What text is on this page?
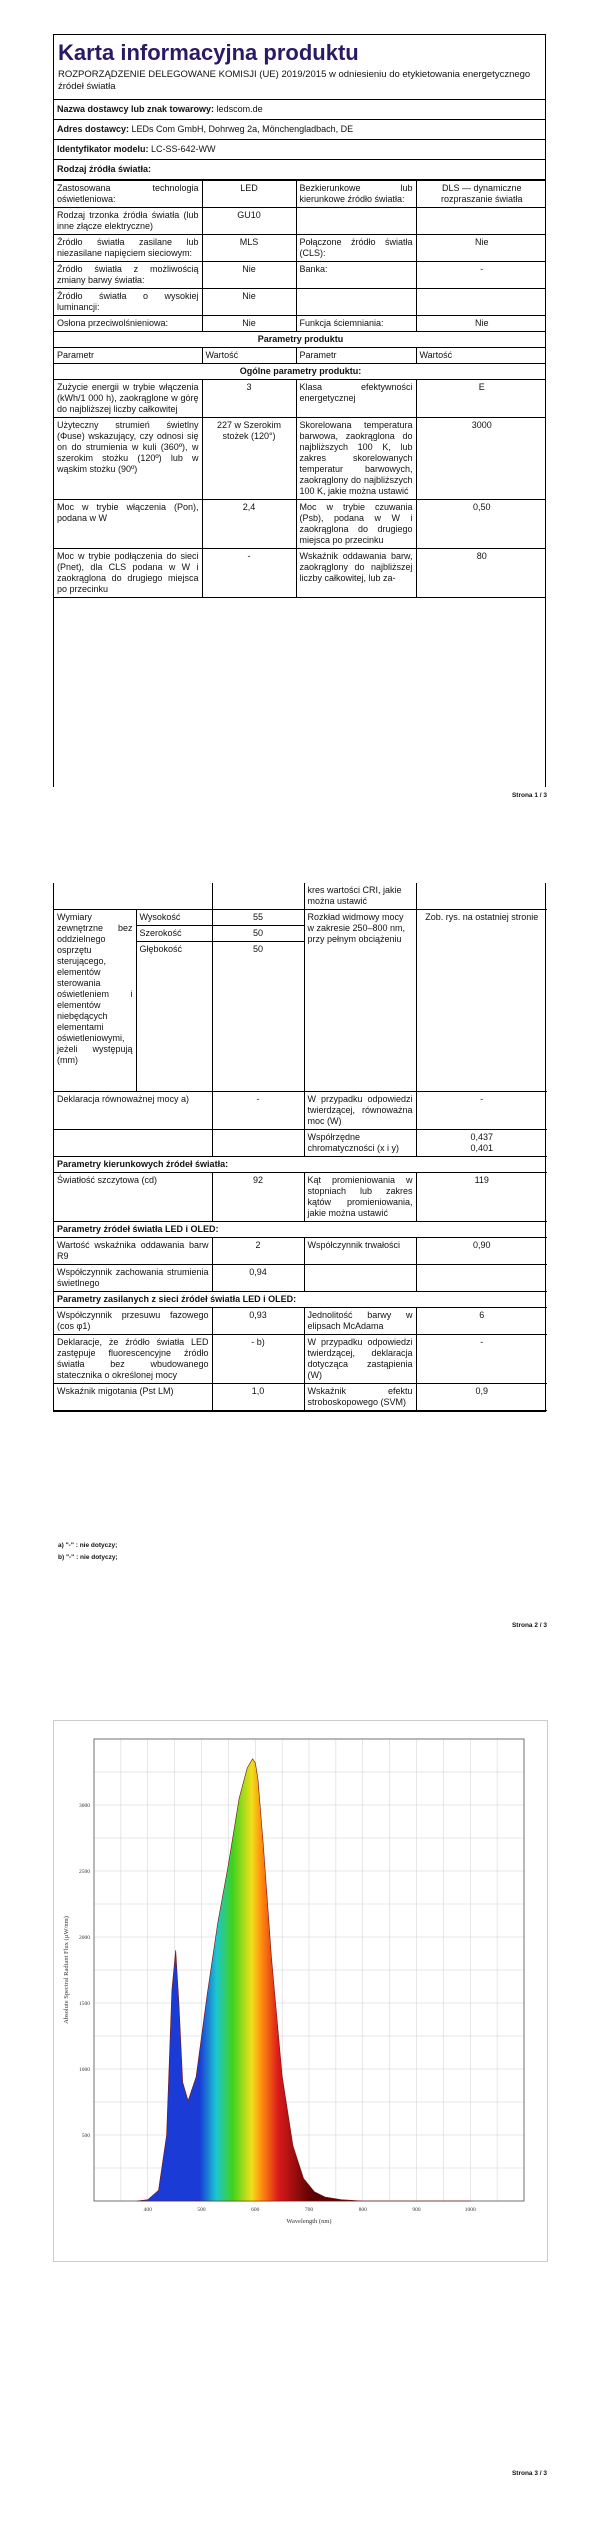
Karta informacyjna produktu
ROZPORZĄDZENIE DELEGOWANE KOMISJI (UE) 2019/2015 w odniesieniu do etykietowania energetycznego źródeł światła
Nazwa dostawcy lub znak towarowy: ledscom.de
Adres dostawcy: LEDs Com GmbH, Dohrweg 2a, Mönchengladbach, DE
Identyfikator modelu: LC-SS-642-WW
Rodzaj źródła światła:
Zastosowana technologia oświetleniowa:	LED	Bezkierunkowe lub kierunkowe źródło światła:	DLS — dynamiczne rozpraszanie światła
Rodzaj trzonka źródła światła (lub inne złącze elektryczne)	GU10		
Źródło światła zasilane lub niezasilane napięciem sieciowym:	MLS	Połączone źródło światła (CLS):	Nie
Źródło światła z możliwością zmiany barwy światła:	Nie	Banka:	-
Źródło światła o wysokiej luminancji:	Nie		
Osłona przeciwolśnieniowa:	Nie	Funkcja ściemniania:	Nie
Parametry produktu			
Parametr	Wartość	Parametr	Wartość
Ogólne parametry produktu:			
Zużycie energii w trybie włączenia (kWh/1 000 h), zaokrąglone w górę do najbliższej liczby całkowitej	3	Klasa efektywności energetycznej	E
Użyteczny strumień świetlny (Φuse) wskazujący, czy odnosi się on do strumienia w kuli (360º), w szerokim stożku (120º) lub w wąskim stożku (90º)	227 w Szerokim stożek (120°)	Skorelowana temperatura barwowa, zaokrąglona do najbliższych 100 K, lub zakres skorelowanych temperatur barwowych, zaokrąglony do najbliższych 100 K, jakie można ustawić	3000
Moc w trybie włączenia (Pon), podana w W	2,4	Moc w trybie czuwania (Psb), podana w W i zaokrąglona do drugiego miejsca po przecinku	0,50
Moc w trybie podłączenia do sieci (Pnet), dla CLS podana w W i zaokrąglona do drugiego miejsca po przecinku	-	Wskaźnik oddawania barw, zaokrąglony do najbliższej liczby całkowitej, lub za-	80
Strona 1 / 3
			kres wartości CRI, jakie można ustawić	
Wymiary zewnętrzne bez oddzielnego osprzętu sterującego, elementów sterowania oświetleniem i elementów niebędących elementami oświetleniowymi, jeżeli występują (mm)	Wysokość	55	Rozkład widmowy mocy w zakresie 250–800 nm, przy pełnym obciążeniu	Zob. rys. na ostatniej stronie
	Szerokość	50		
	Głębokość	50		
Deklaracja równoważnej mocy a)		-	W przypadku odpowiedzi twierdzącej, równoważna moc (W)	-
			Współrzędne chromatyczności (x i y)	0,437
0,401
Parametry kierunkowych źródeł światła:				
Światłość szczytowa (cd)		92	Kąt promieniowania w stopniach lub zakres kątów promieniowania, jakie można ustawić	119
Parametry źródeł światła LED i OLED:				
Wartość wskaźnika oddawania barw R9		2	Współczynnik trwałości	0,90
Współczynnik zachowania strumienia świetlnego		0,94		
Parametry zasilanych z sieci źródeł światła LED i OLED:				
Współczynnik przesuwu fazowego (cos φ1)		0,93	Jednolitość barwy w elipsach McAdama	6
Deklaracje, że źródło światła LED zastępuje fluorescencyjne źródło światła bez wbudowanego statecznika o określonej mocy		- b)	W przypadku odpowiedzi twierdzącej, deklaracja dotycząca zastąpienia (W)	-
Wskaźnik migotania (Pst LM)		1,0	Wskaźnik efektu stroboskopowego (SVM)	0,9
a) "-" : nie dotyczy;
b) "-" : nie dotyczy;
Strona 2 / 3
500
1000
1500
2000
2500
3000
400	500	600	700	800	900	1000
Absolute Spectral Radiant Flux (µW/nm)
Wavelength (nm)
Strona 3 / 3
